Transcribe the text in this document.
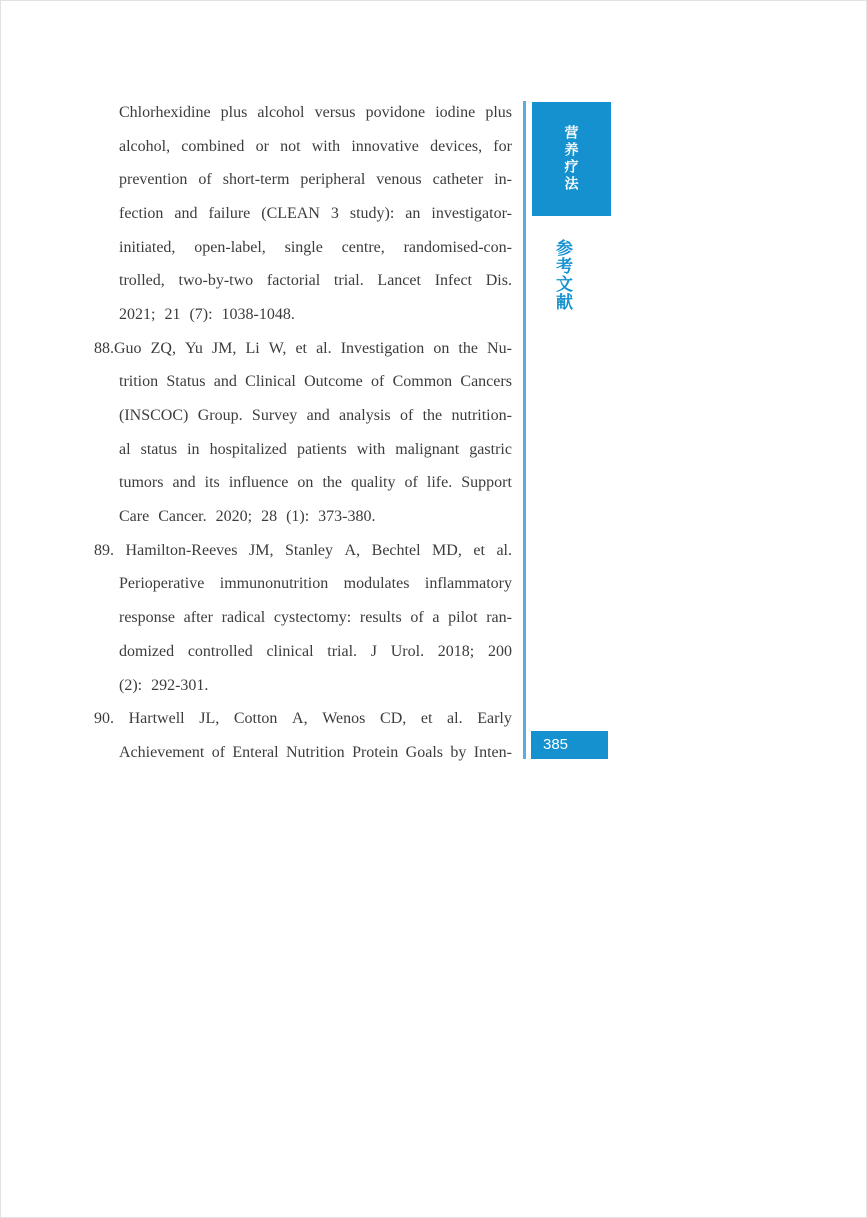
Chlorhexidine plus alcohol versus povidone iodine plus
alcohol, combined or not with innovative devices, for
prevention of short-term peripheral venous catheter in-
fection and failure (CLEAN 3 study): an investigator-
initiated, open-label, single centre, randomised-con-
trolled, two-by-two factorial trial. Lancet Infect Dis.
2021; 21 (7): 1038-1048.
88.Guo ZQ, Yu JM, Li W, et al. Investigation on the Nu-
trition Status and Clinical Outcome of Common Cancers
(INSCOC) Group. Survey and analysis of the nutrition-
al status in hospitalized patients with malignant gastric
tumors and its influence on the quality of life. Support
Care Cancer. 2020; 28 (1): 373-380.
89. Hamilton-Reeves JM, Stanley A, Bechtel MD, et al.
Perioperative immunonutrition modulates inflammatory
response after radical cystectomy: results of a pilot ran-
domized controlled clinical trial. J Urol. 2018; 200
(2): 292-301.
90. Hartwell JL, Cotton A, Wenos CD, et al. Early
Achievement of Enteral Nutrition Protein Goals by Inten-
营养疗法
参考文献
385
